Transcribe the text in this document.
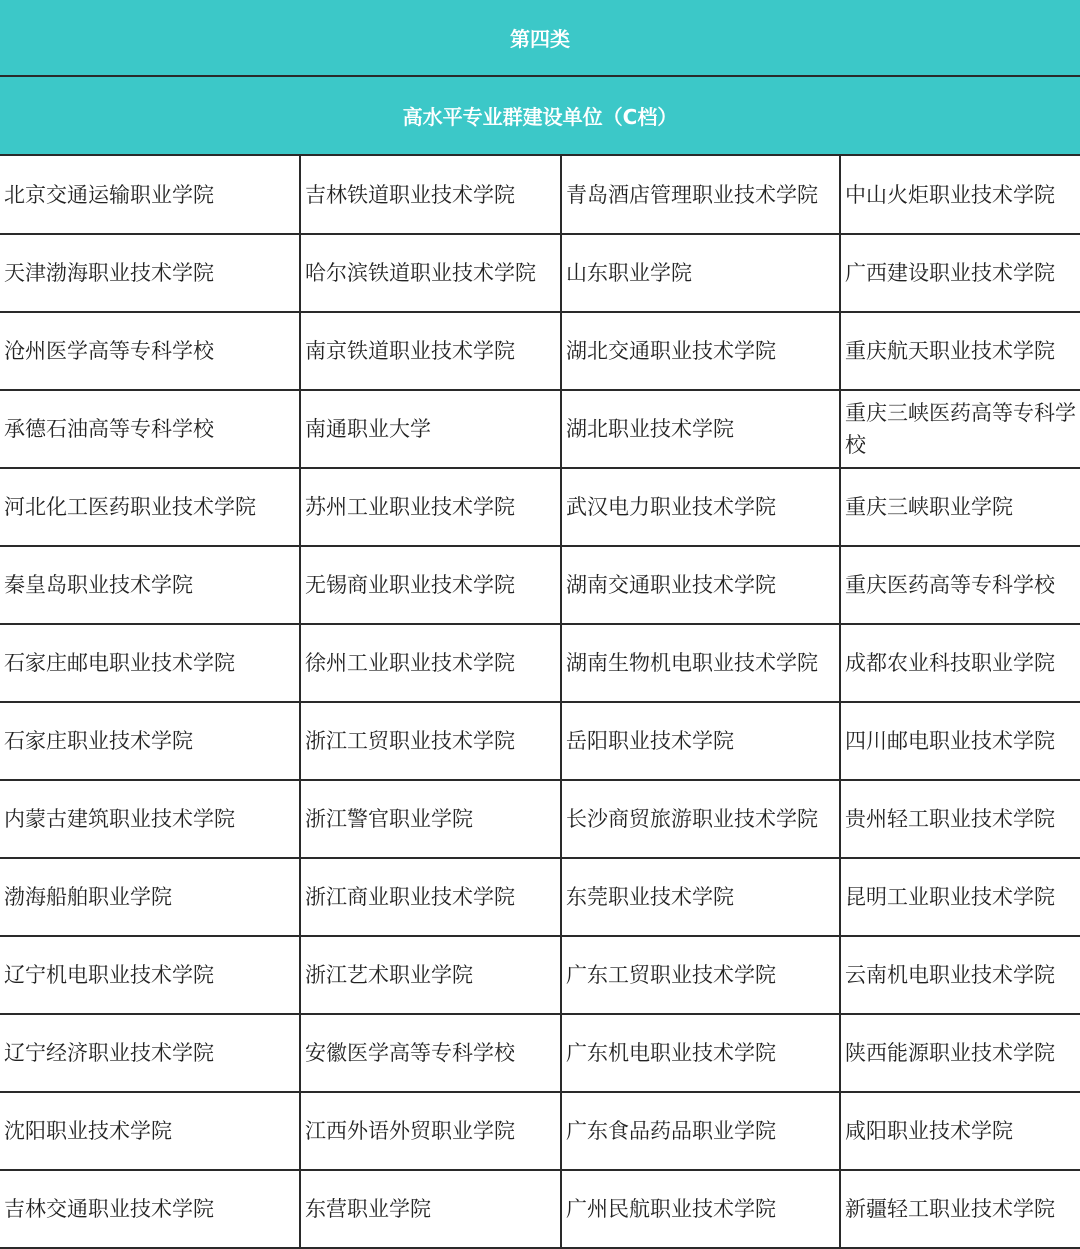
第四类
高水平专业群建设单位（C档）
北京交通运输职业学院	吉林铁道职业技术学院	青岛酒店管理职业技术学院	中山火炬职业技术学院
天津渤海职业技术学院	哈尔滨铁道职业技术学院	山东职业学院	广西建设职业技术学院
沧州医学高等专科学校	南京铁道职业技术学院	湖北交通职业技术学院	重庆航天职业技术学院
承德石油高等专科学校	南通职业大学	湖北职业技术学院	重庆三峡医药高等专科学校
河北化工医药职业技术学院	苏州工业职业技术学院	武汉电力职业技术学院	重庆三峡职业学院
秦皇岛职业技术学院	无锡商业职业技术学院	湖南交通职业技术学院	重庆医药高等专科学校
石家庄邮电职业技术学院	徐州工业职业技术学院	湖南生物机电职业技术学院	成都农业科技职业学院
石家庄职业技术学院	浙江工贸职业技术学院	岳阳职业技术学院	四川邮电职业技术学院
内蒙古建筑职业技术学院	浙江警官职业学院	长沙商贸旅游职业技术学院	贵州轻工职业技术学院
渤海船舶职业学院	浙江商业职业技术学院	东莞职业技术学院	昆明工业职业技术学院
辽宁机电职业技术学院	浙江艺术职业学院	广东工贸职业技术学院	云南机电职业技术学院
辽宁经济职业技术学院	安徽医学高等专科学校	广东机电职业技术学院	陕西能源职业技术学院
沈阳职业技术学院	江西外语外贸职业学院	广东食品药品职业学院	咸阳职业技术学院
吉林交通职业技术学院	东营职业学院	广州民航职业技术学院	新疆轻工职业技术学院
